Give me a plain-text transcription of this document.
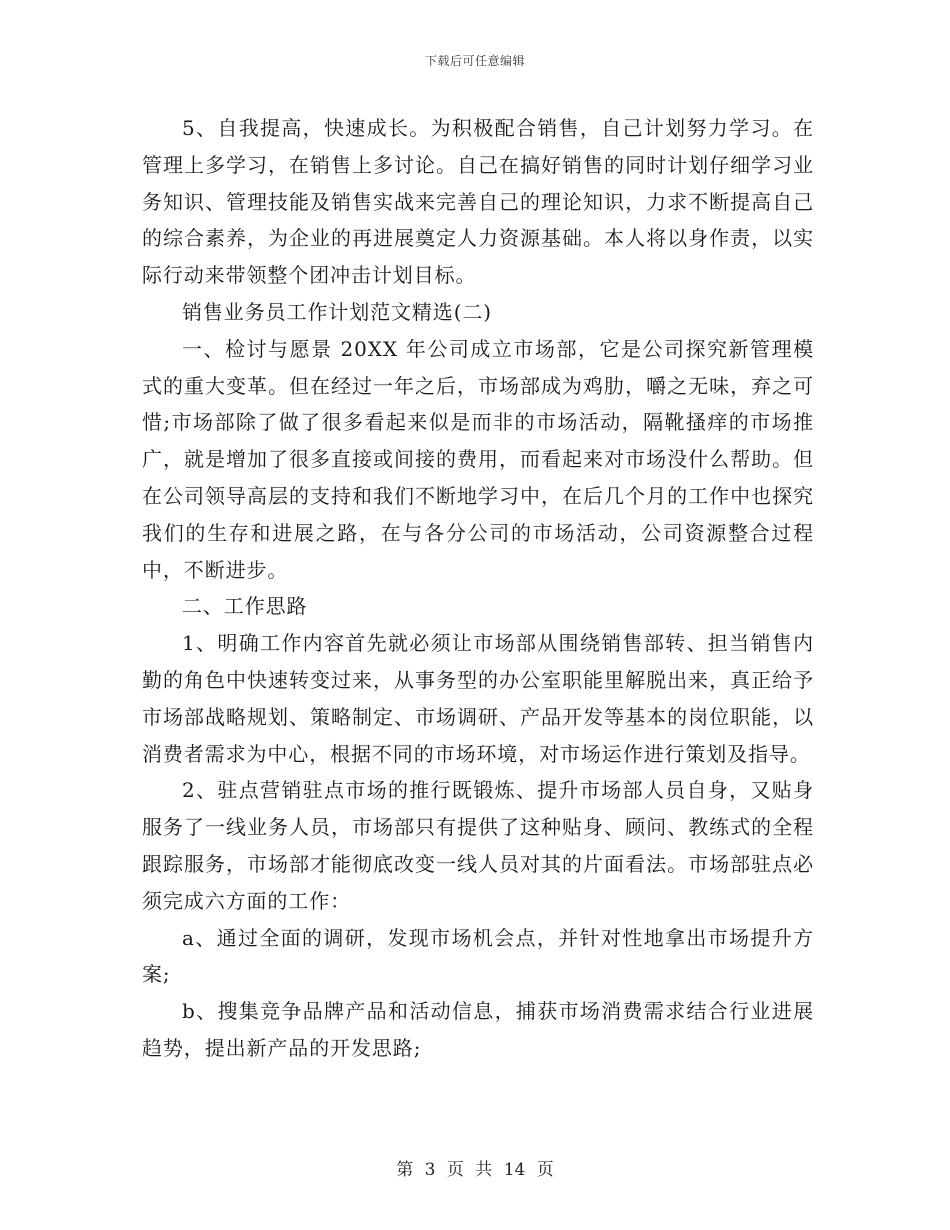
下载后可任意编辑

5、自我提高，快速成长。为积极配合销售，自己计划努力学习。在管理上多学习，在销售上多讨论。自己在搞好销售的同时计划仔细学习业务知识、管理技能及销售实战来完善自己的理论知识，力求不断提高自己的综合素养，为企业的再进展奠定人力资源基础。本人将以身作责，以实际行动来带领整个团冲击计划目标。

销售业务员工作计划范文精选(二)

一、检讨与愿景 20XX 年公司成立市场部，它是公司探究新管理模式的重大变革。但在经过一年之后，市场部成为鸡肋，嚼之无味，弃之可惜;市场部除了做了很多看起来似是而非的市场活动，隔靴搔痒的市场推广，就是增加了很多直接或间接的费用，而看起来对市场没什么帮助。但在公司领导高层的支持和我们不断地学习中，在后几个月的工作中也探究我们的生存和进展之路，在与各分公司的市场活动，公司资源整合过程中，不断进步。

二、工作思路

1、明确工作内容首先就必须让市场部从围绕销售部转、担当销售内勤的角色中快速转变过来，从事务型的办公室职能里解脱出来，真正给予市场部战略规划、策略制定、市场调研、产品开发等基本的岗位职能，以消费者需求为中心，根据不同的市场环境，对市场运作进行策划及指导。

2、驻点营销驻点市场的推行既锻炼、提升市场部人员自身，又贴身服务了一线业务人员，市场部只有提供了这种贴身、顾问、教练式的全程跟踪服务，市场部才能彻底改变一线人员对其的片面看法。市场部驻点必须完成六方面的工作：

a、通过全面的调研，发现市场机会点，并针对性地拿出市场提升方案;

b、搜集竞争品牌产品和活动信息，捕获市场消费需求结合行业进展趋势，提出新产品的开发思路;

第 3 页 共 14 页
